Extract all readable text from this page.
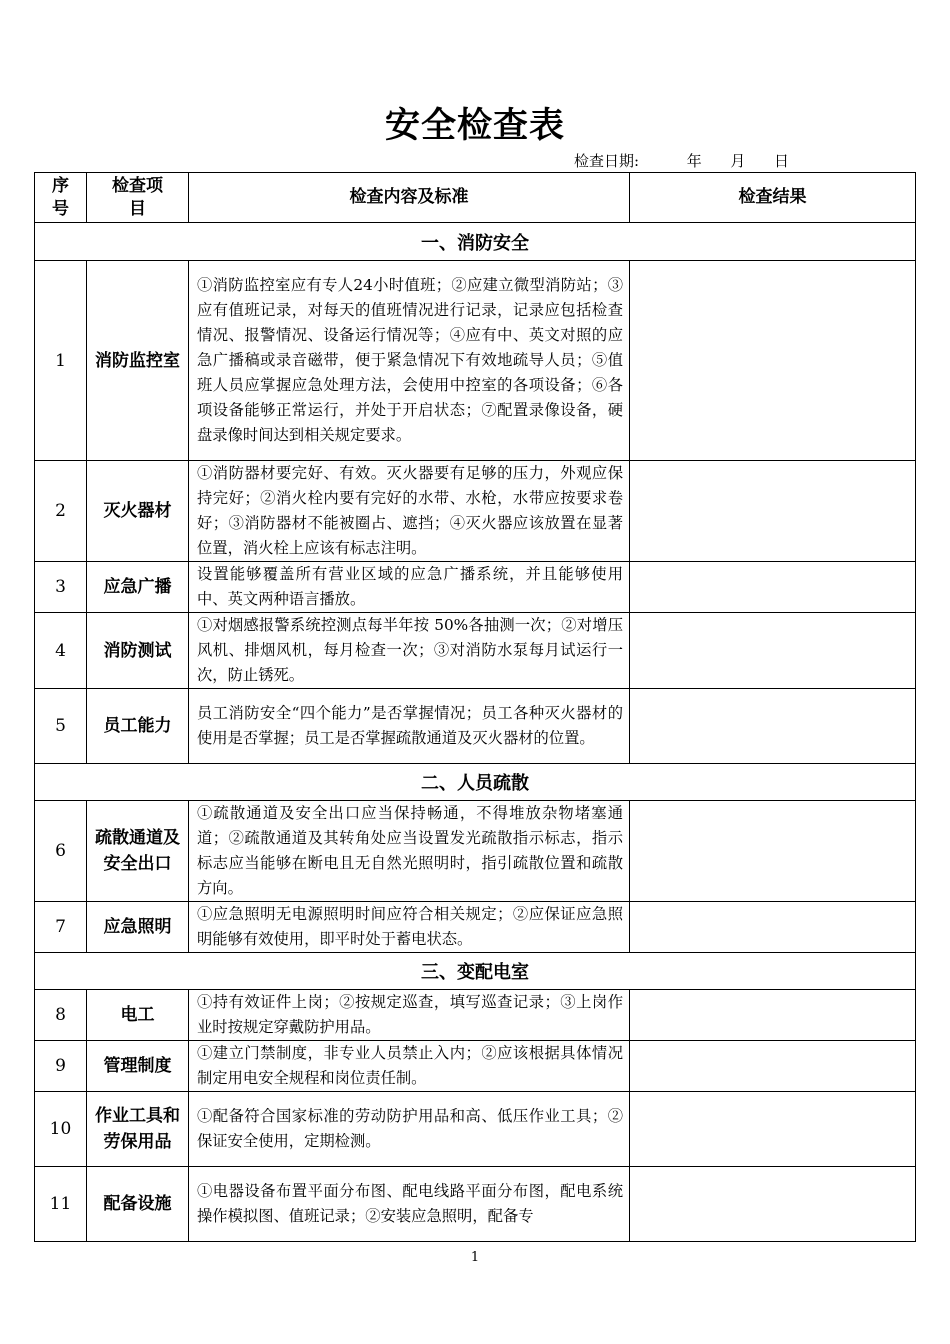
安全检查表
检查日期:	年 月 日
序号	检查项目	检查内容及标准	检查结果
一、消防安全			
1	消防监控室	①消防监控室应有专人24小时值班；②应建立微型消防站；③应有值班记录，对每天的值班情况进行记录，记录应包括检查情况、报警情况、设备运行情况等；④应有中、英文对照的应急广播稿或录音磁带，便于紧急情况下有效地疏导人员；⑤值班人员应掌握应急处理方法，会使用中控室的各项设备；⑥各项设备能够正常运行，并处于开启状态；⑦配置录像设备，硬盘录像时间达到相关规定要求。	
2	灭火器材	①消防器材要完好、有效。灭火器要有足够的压力，外观应保持完好；②消火栓内要有完好的水带、水枪，水带应按要求卷好；③消防器材不能被圈占、遮挡；④灭火器应该放置在显著位置，消火栓上应该有标志注明。	
3	应急广播	设置能够覆盖所有营业区域的应急广播系统，并且能够使用中、英文两种语言播放。	
4	消防测试	①对烟感报警系统控测点每半年按 50%各抽测一次；②对增压风机、排烟风机，每月检查一次；③对消防水泵每月试运行一次，防止锈死。	
5	员工能力	员工消防安全“四个能力”是否掌握情况；员工各种灭火器材的使用是否掌握；员工是否掌握疏散通道及灭火器材的位置。	
二、人员疏散			
6	疏散通道及安全出口	①疏散通道及安全出口应当保持畅通，不得堆放杂物堵塞通道；②疏散通道及其转角处应当设置发光疏散指示标志，指示标志应当能够在断电且无自然光照明时，指引疏散位置和疏散方向。	
7	应急照明	①应急照明无电源照明时间应符合相关规定；②应保证应急照明能够有效使用，即平时处于蓄电状态。	
三、变配电室			
8	电工	①持有效证件上岗；②按规定巡查，填写巡查记录；③上岗作业时按规定穿戴防护用品。	
9	管理制度	①建立门禁制度，非专业人员禁止入内；②应该根据具体情况制定用电安全规程和岗位责任制。	
10	作业工具和劳保用品	①配备符合国家标准的劳动防护用品和高、低压作业工具；②保证安全使用，定期检测。	
11	配备设施	①电器设备布置平面分布图、配电线路平面分布图，配电系统操作模拟图、值班记录；②安装应急照明，配备专	
1
